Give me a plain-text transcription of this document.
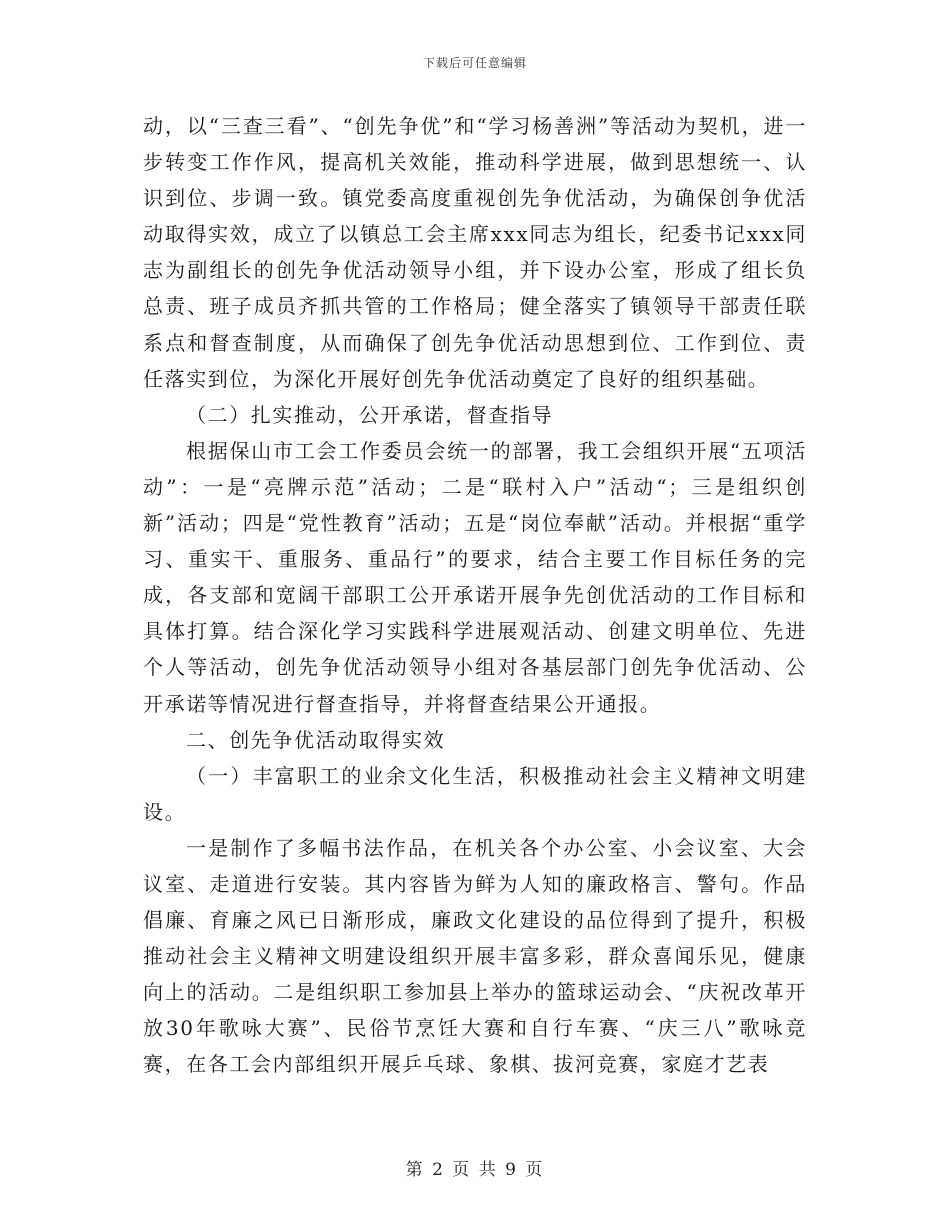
下载后可任意编辑

动，以“三查三看”、“创先争优”和“学习杨善洲”等活动为契机，进一步转变工作作风，提高机关效能，推动科学进展，做到思想统一、认识到位、步调一致。镇党委高度重视创先争优活动，为确保创争优活动取得实效，成立了以镇总工会主席xxx同志为组长，纪委书记xxx同志为副组长的创先争优活动领导小组，并下设办公室，形成了组长负总责、班子成员齐抓共管的工作格局；健全落实了镇领导干部责任联系点和督查制度，从而确保了创先争优活动思想到位、工作到位、责任落实到位，为深化开展好创先争优活动奠定了良好的组织基础。

（二）扎实推动，公开承诺，督查指导

根据保山市工会工作委员会统一的部署，我工会组织开展“五项活动”：一是“亮牌示范”活动；二是“联村入户”活动“；三是组织创新”活动；四是“党性教育”活动；五是“岗位奉献”活动。并根据“重学习、重实干、重服务、重品行”的要求，结合主要工作目标任务的完成，各支部和宽阔干部职工公开承诺开展争先创优活动的工作目标和具体打算。结合深化学习实践科学进展观活动、创建文明单位、先进个人等活动，创先争优活动领导小组对各基层部门创先争优活动、公开承诺等情况进行督查指导，并将督查结果公开通报。

二、创先争优活动取得实效

（一）丰富职工的业余文化生活，积极推动社会主义精神文明建设。

一是制作了多幅书法作品，在机关各个办公室、小会议室、大会议室、走道进行安装。其内容皆为鲜为人知的廉政格言、警句。作品倡廉、育廉之风已日渐形成，廉政文化建设的品位得到了提升，积极推动社会主义精神文明建设组织开展丰富多彩，群众喜闻乐见，健康向上的活动。二是组织职工参加县上举办的篮球运动会、“庆祝改革开放30年歌咏大赛”、民俗节烹饪大赛和自行车赛、“庆三八”歌咏竞赛，在各工会内部组织开展乒乓球、象棋、拔河竞赛，家庭才艺表

第 2 页 共 9 页
